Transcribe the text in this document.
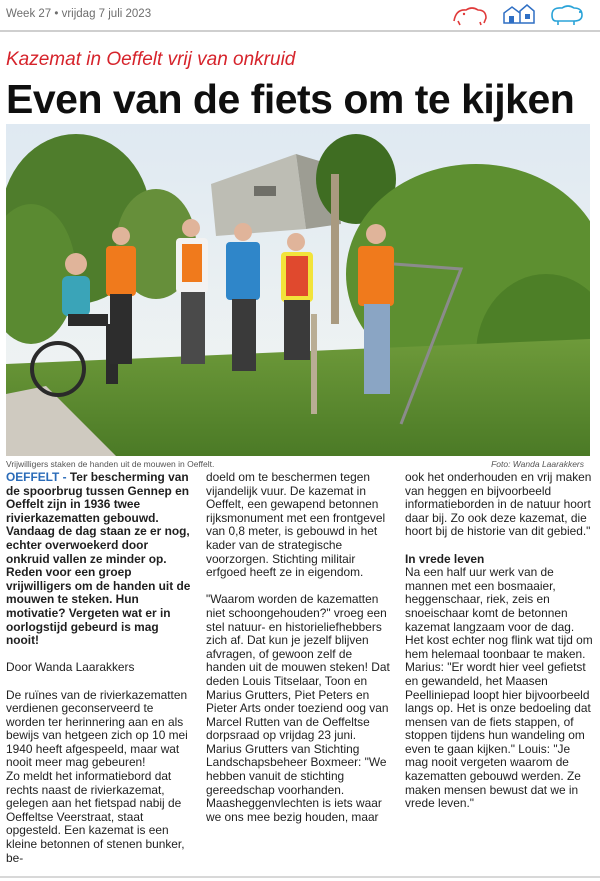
Week 27 • vrijdag 7 juli 2023
Kazemat in Oeffelt vrij van onkruid
Even van de fiets om te kijken
Vrijwilligers staken de handen uit de mouwen in Oeffelt.	Foto: Wanda Laarakkers

OEFFELT - Ter bescherming van de spoorbrug tussen Gennep en Oeffelt zijn in 1936 twee rivierkazematten gebouwd. Vandaag de dag staan ze er nog, echter overwoekerd door onkruid vallen ze minder op. Reden voor een groep vrijwilligers om de handen uit de mouwen te steken. Hun motivatie? Vergeten wat er in oorlogstijd gebeurd is mag nooit!

Door Wanda Laarakkers

De ruïnes van de rivierkazematten verdienen geconserveerd te worden ter herinnering aan en als bewijs van hetgeen zich op 10 mei 1940 heeft afgespeeld, maar wat nooit meer mag gebeuren!

Zo meldt het informatiebord dat rechts naast de rivierkazemat, gelegen aan het fietspad nabij de Oeffeltse Veerstraat, staat opgesteld. Een kazemat is een kleine betonnen of stenen bunker, be-

doeld om te beschermen tegen vijandelijk vuur. De kazemat in Oeffelt, een gewapend betonnen rijksmonument met een frontgevel van 0,8 meter, is gebouwd in het kader van de strategische voorzorgen. Stichting militair erfgoed heeft ze in eigendom.

"Waarom worden de kazematten niet schoongehouden?" vroeg een stel natuur- en historieliefhebbers zich af. Dat kun je jezelf blijven afvragen, of gewoon zelf de handen uit de mouwen steken! Dat deden Louis Titselaar, Toon en Marius Grutters, Piet Peters en Pieter Arts onder toeziend oog van Marcel Rutten van de Oeffeltse dorpsraad op vrijdag 23 juni.

Marius Grutters van Stichting Landschapsbeheer Boxmeer: "We hebben vanuit de stichting gereedschap voorhanden. Maasheggenvlechten is iets waar we ons mee bezig houden, maar

ook het onderhouden en vrij maken van heggen en bijvoorbeeld informatieborden in de natuur hoort daar bij. Zo ook deze kazemat, die hoort bij de historie van dit gebied."

In vrede leven

Na een half uur werk van de mannen met een bosmaaier, heggenschaar, riek, zeis en snoeischaar komt de betonnen kazemat langzaam voor de dag. Het kost echter nog flink wat tijd om hem helemaal toonbaar te maken.

Marius: "Er wordt hier veel gefietst en gewandeld, het Maasen Peelliniepad loopt hier bijvoorbeeld langs op. Het is onze bedoeling dat mensen van de fiets stappen, of stoppen tijdens hun wandeling om even te gaan kijken." Louis: "Je mag nooit vergeten waarom de kazematten gebouwd werden. Ze maken mensen bewust dat we in vrede leven."
